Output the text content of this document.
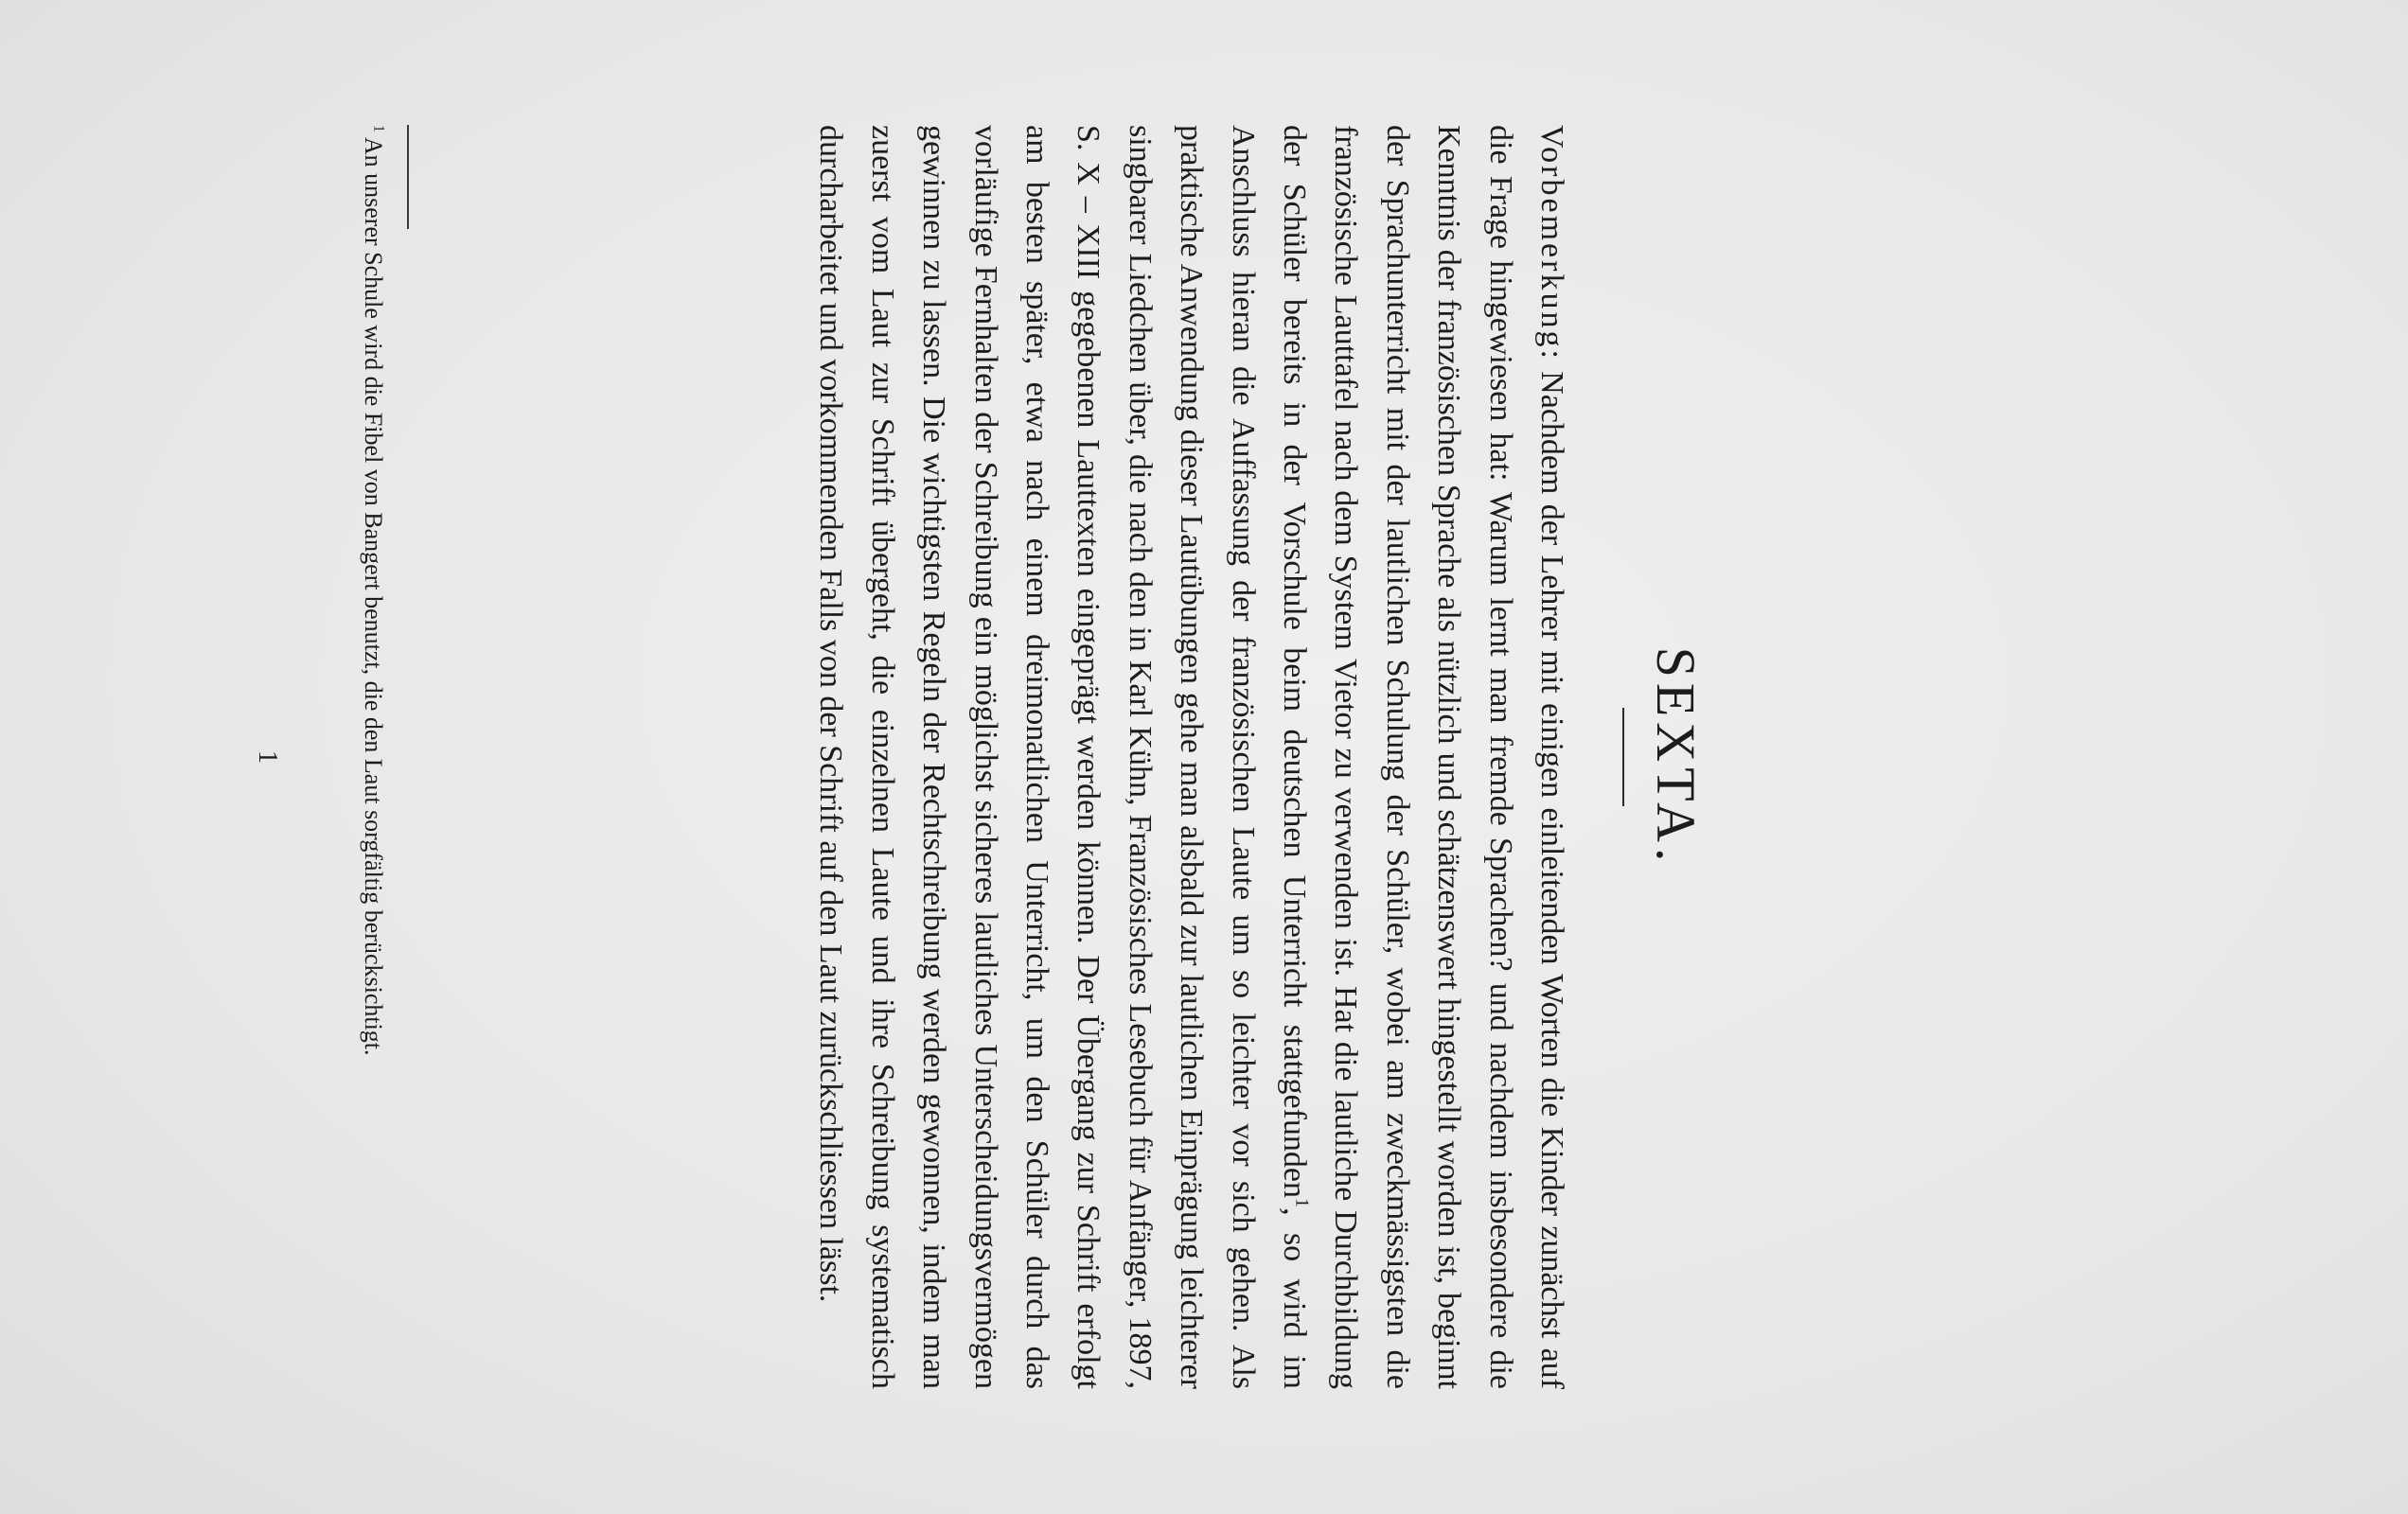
SEXTA.

Vorbemerkung: Nachdem der Lehrer mit einigen einleitenden Worten die Kinder zunächst auf die Frage hingewiesen hat: Warum lernt man fremde Sprachen? und nachdem insbesondere die Kenntnis der französischen Sprache als nützlich und schätzenswert hingestellt worden ist, beginnt der Sprachunterricht mit der lautlichen Schulung der Schüler, wobei am zweckmässigsten die französische Lauttafel nach dem System Vietor zu verwenden ist. Hat die lautliche Durchbildung der Schüler bereits in der Vorschule beim deutschen Unterricht stattgefunden$^1$, so wird im Anschluss hieran die Auffassung der französischen Laute um so leichter vor sich gehen. Als praktische Anwendung dieser Lautübungen gehe man alsbald zur lautlichen Einprägung leichterer singbarer Liedchen über, die nach den in Karl Kühn, Französisches Lesebuch für Anfänger, 1897, S. X – XIII gegebenen Lauttexten eingeprägt werden können. Der Übergang zur Schrift erfolgt am besten später, etwa nach einem dreimonatlichen Unterricht, um den Schüler durch das vorläufige Fernhalten der Schreibung ein möglichst sicheres lautliches Unterscheidungsvermögen gewinnen zu lassen. Die wichtigsten Regeln der Rechtschreibung werden gewonnen, indem man zuerst vom Laut zur Schrift übergeht, die einzelnen Laute und ihre Schreibung systematisch durcharbeitet und vorkommenden Falls von der Schrift auf den Laut zurückschliessen lässt.

$^1$ An unserer Schule wird die Fibel von Bangert benutzt, die den Laut sorgfältig berücksichtigt.

1
